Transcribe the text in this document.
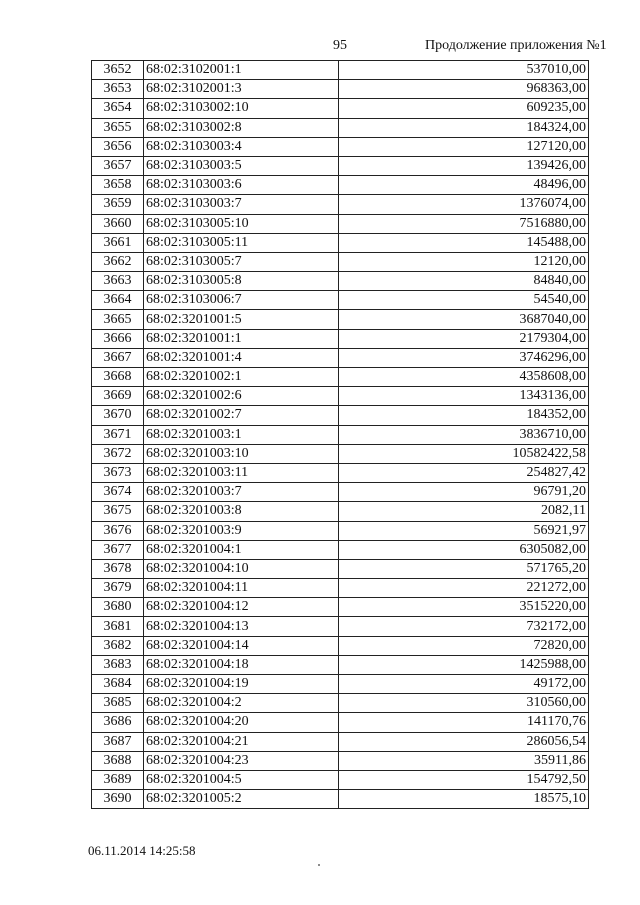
95	Продолжение приложения №1
3652	68:02:3102001:1	537010,00
3653	68:02:3102001:3	968363,00
3654	68:02:3103002:10	609235,00
3655	68:02:3103002:8	184324,00
3656	68:02:3103003:4	127120,00
3657	68:02:3103003:5	139426,00
3658	68:02:3103003:6	48496,00
3659	68:02:3103003:7	1376074,00
3660	68:02:3103005:10	7516880,00
3661	68:02:3103005:11	145488,00
3662	68:02:3103005:7	12120,00
3663	68:02:3103005:8	84840,00
3664	68:02:3103006:7	54540,00
3665	68:02:3201001:5	3687040,00
3666	68:02:3201001:1	2179304,00
3667	68:02:3201001:4	3746296,00
3668	68:02:3201002:1	4358608,00
3669	68:02:3201002:6	1343136,00
3670	68:02:3201002:7	184352,00
3671	68:02:3201003:1	3836710,00
3672	68:02:3201003:10	10582422,58
3673	68:02:3201003:11	254827,42
3674	68:02:3201003:7	96791,20
3675	68:02:3201003:8	2082,11
3676	68:02:3201003:9	56921,97
3677	68:02:3201004:1	6305082,00
3678	68:02:3201004:10	571765,20
3679	68:02:3201004:11	221272,00
3680	68:02:3201004:12	3515220,00
3681	68:02:3201004:13	732172,00
3682	68:02:3201004:14	72820,00
3683	68:02:3201004:18	1425988,00
3684	68:02:3201004:19	49172,00
3685	68:02:3201004:2	310560,00
3686	68:02:3201004:20	141170,76
3687	68:02:3201004:21	286056,54
3688	68:02:3201004:23	35911,86
3689	68:02:3201004:5	154792,50
3690	68:02:3201005:2	18575,10
06.11.2014 14:25:58
